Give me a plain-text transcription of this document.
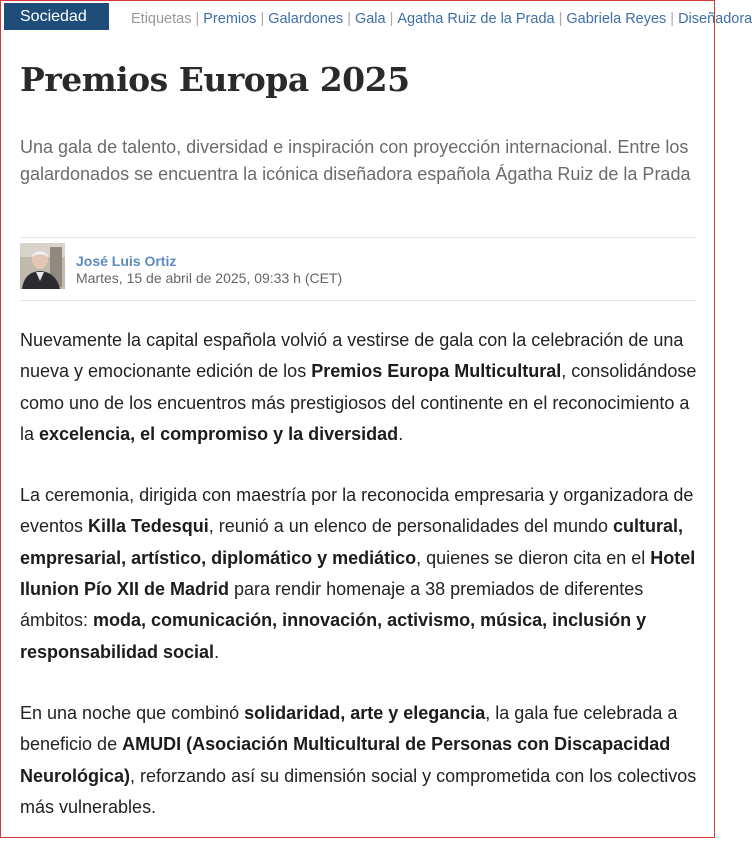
Sociedad	Etiquetas | Premios | Galardones | Gala | Agatha Ruiz de la Prada | Gabriela Reyes | Diseñadora
Premios Europa 2025

Una gala de talento, diversidad e inspiración con proyección internacional. Entre los galardonados se encuentra la icónica diseñadora española Ágatha Ruiz de la Prada

José Luis Ortiz
Martes, 15 de abril de 2025, 09:33 h (CET)

Nuevamente la capital española volvió a vestirse de gala con la celebración de una nueva y emocionante edición de los Premios Europa Multicultural, consolidándose como uno de los encuentros más prestigiosos del continente en el reconocimiento a la excelencia, el compromiso y la diversidad.

La ceremonia, dirigida con maestría por la reconocida empresaria y organizadora de eventos Killa Tedesqui, reunió a un elenco de personalidades del mundo cultural, empresarial, artístico, diplomático y mediático, quienes se dieron cita en el Hotel Ilunion Pío XII de Madrid para rendir homenaje a 38 premiados de diferentes ámbitos: moda, comunicación, innovación, activismo, música, inclusión y responsabilidad social.

En una noche que combinó solidaridad, arte y elegancia, la gala fue celebrada a beneficio de AMUDI (Asociación Multicultural de Personas con Discapacidad Neurológica), reforzando así su dimensión social y comprometida con los colectivos más vulnerables.
